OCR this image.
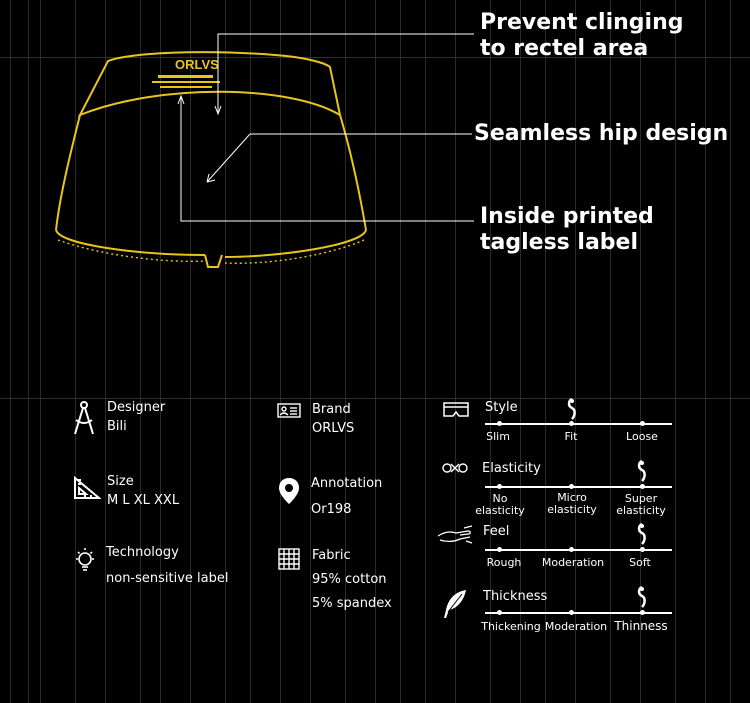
ORLVS
Prevent clinging
to rectel area
Seamless hip design
Inside printed
tagless label
Designer
Bili
Size
M L XL XXL
Technology
non-sensitive label
Brand
ORLVS
Annotation
Or198
Fabric
95% cotton
5% spandex
Style
Slim	Fit	Loose
Elasticity
No
elasticity
Micro
elasticity
Super
elasticity
Feel
Rough	Moderation	Soft
Thickness
Thickening Moderation Thinness
